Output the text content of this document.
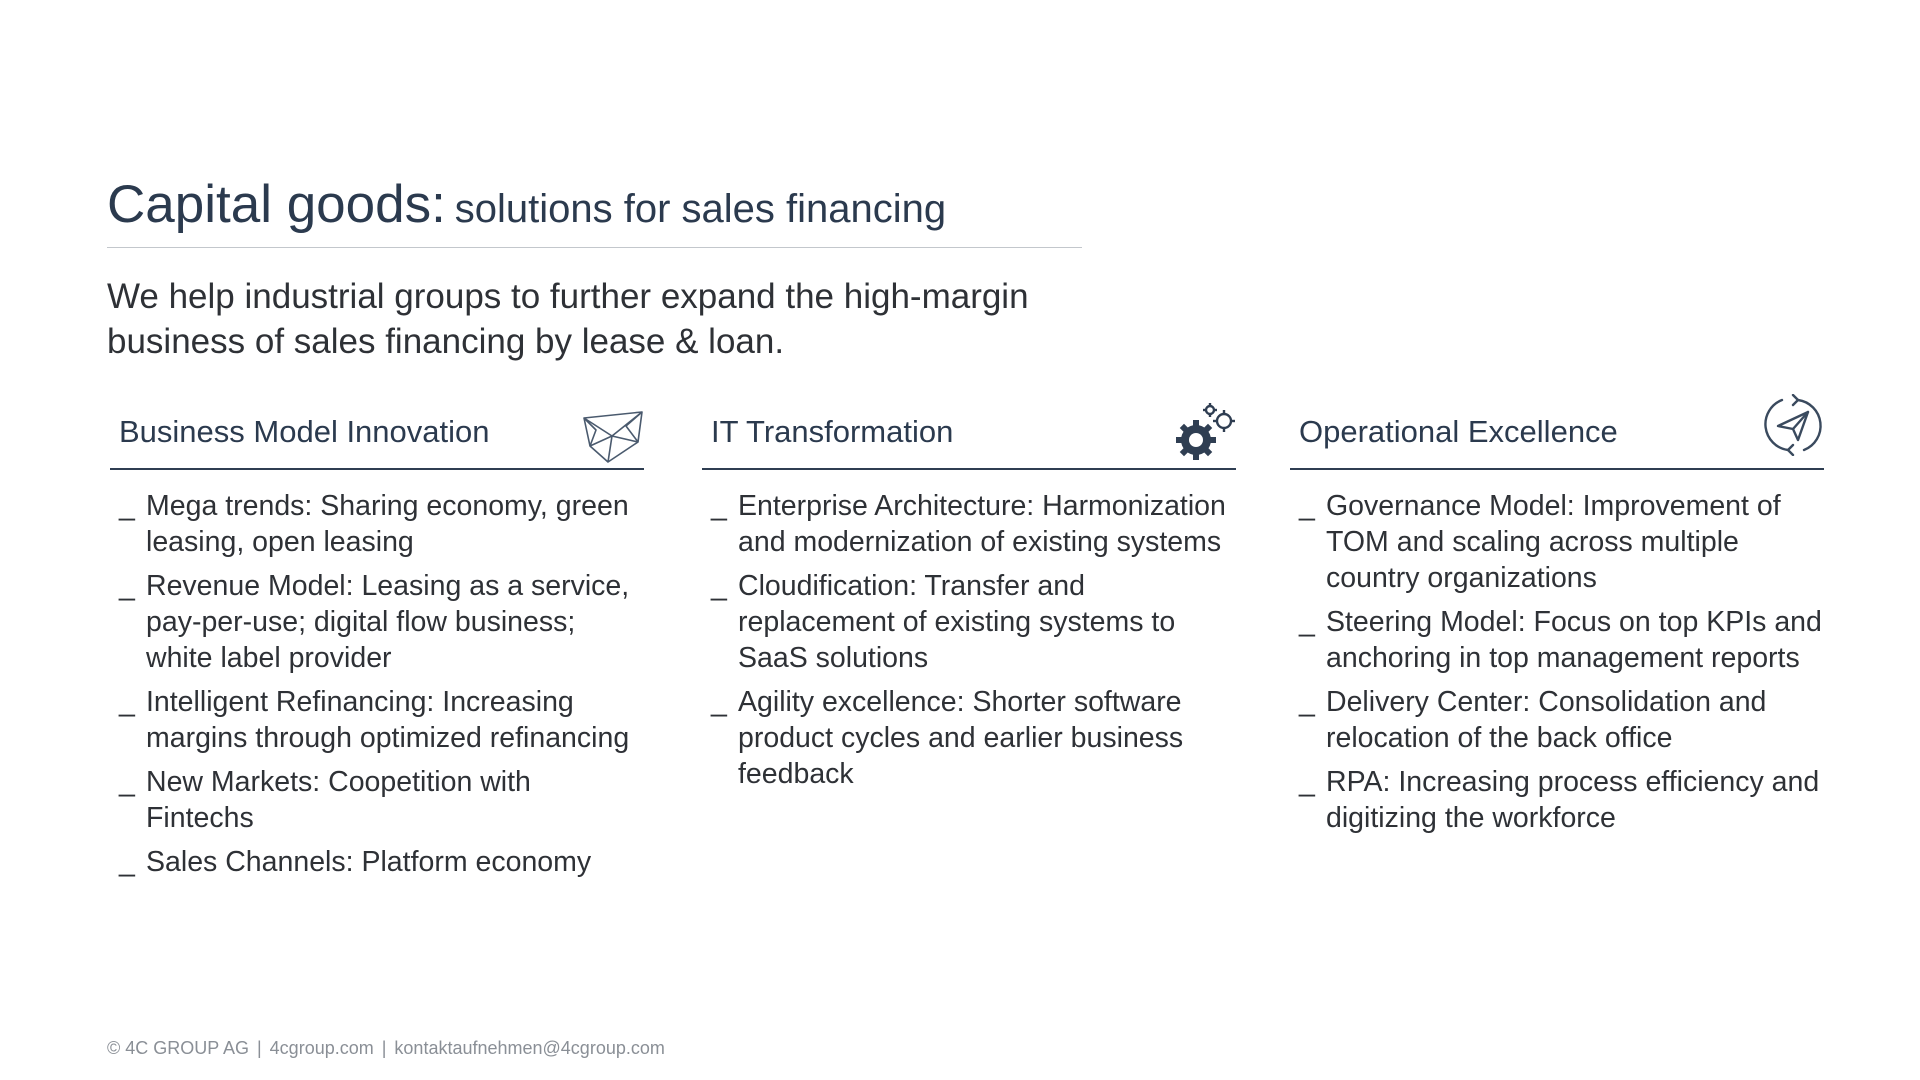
Capital goods: solutions for sales financing

We help industrial groups to further expand the high-margin business of sales financing by lease & loan.

Business Model Innovation
_ Mega trends: Sharing economy, green leasing, open leasing
_ Revenue Model: Leasing as a service, pay-per-use; digital flow business; white label provider
_ Intelligent Refinancing: Increasing margins through optimized refinancing
_ New Markets: Coopetition with Fintechs
_ Sales Channels: Platform economy
IT Transformation
_ Enterprise Architecture: Harmonization and modernization of existing systems
_ Cloudification: Transfer and replacement of existing systems to SaaS solutions
_ Agility excellence: Shorter software product cycles and earlier business feedback
Operational Excellence
_ Governance Model: Improvement of TOM and scaling across multiple country organizations
_ Steering Model: Focus on top KPIs and anchoring in top management reports
_ Delivery Center: Consolidation and relocation of the back office
_ RPA: Increasing process efficiency and digitizing the workforce
© 4C GROUP AG | 4cgroup.com | kontaktaufnehmen@4cgroup.com
